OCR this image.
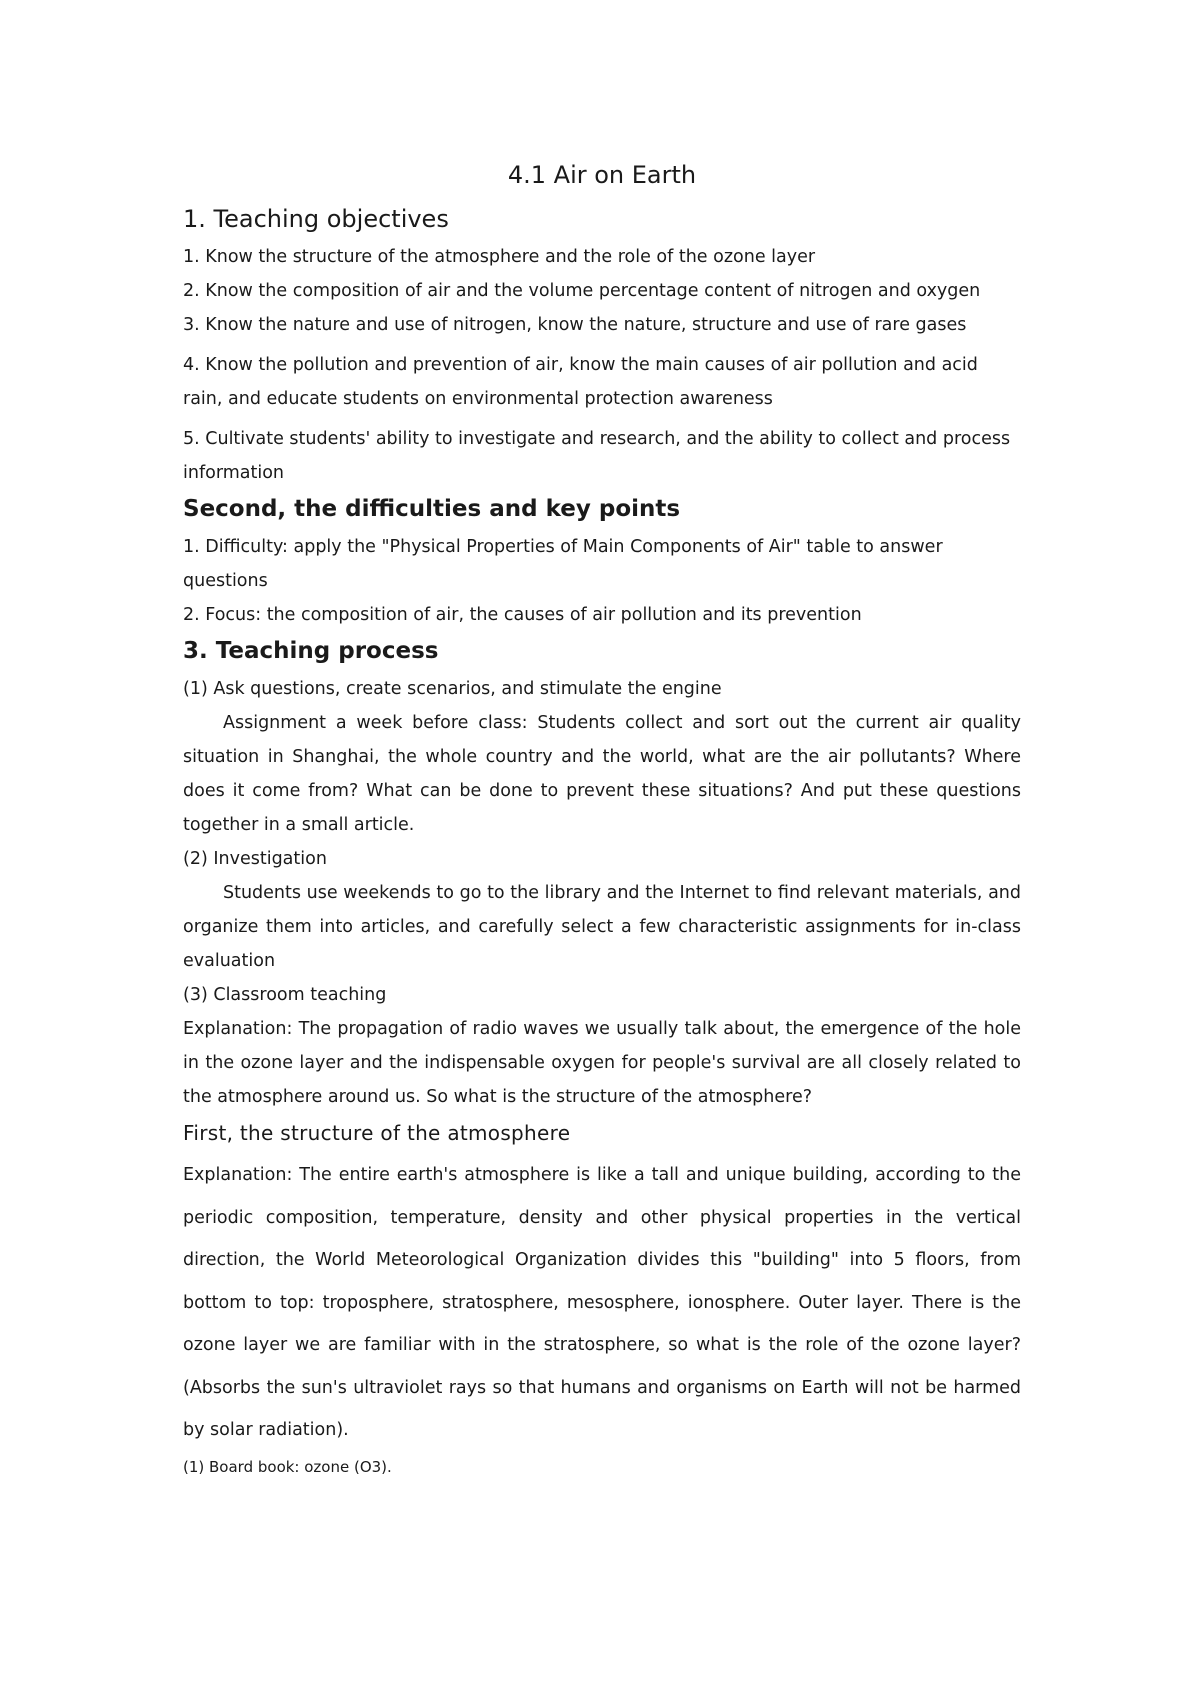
4.1 Air on Earth
1. Teaching objectives

1. Know the structure of the atmosphere and the role of the ozone layer

2. Know the composition of air and the volume percentage content of nitrogen and oxygen

3. Know the nature and use of nitrogen, know the nature, structure and use of rare gases

4. Know the pollution and prevention of air, know the main causes of air pollution and acid rain, and educate students on environmental protection awareness

5. Cultivate students' ability to investigate and research, and the ability to collect and process information

Second, the difficulties and key points

1. Difficulty: apply the "Physical Properties of Main Components of Air" table to answer questions

2. Focus: the composition of air, the causes of air pollution and its prevention

3. Teaching process

(1) Ask questions, create scenarios, and stimulate the engine

Assignment a week before class: Students collect and sort out the current air quality situation in Shanghai, the whole country and the world, what are the air pollutants? Where does it come from? What can be done to prevent these situations? And put these questions together in a small article.

(2) Investigation

Students use weekends to go to the library and the Internet to find relevant materials, and organize them into articles, and carefully select a few characteristic assignments for in-class evaluation

(3) Classroom teaching

Explanation: The propagation of radio waves we usually talk about, the emergence of the hole in the ozone layer and the indispensable oxygen for people's survival are all closely related to the atmosphere around us. So what is the structure of the atmosphere?

First, the structure of the atmosphere

Explanation: The entire earth's atmosphere is like a tall and unique building, according to the periodic composition, temperature, density and other physical properties in the vertical direction, the World Meteorological Organization divides this "building" into 5 floors, from bottom to top: troposphere, stratosphere, mesosphere, ionosphere. Outer layer. There is the ozone layer we are familiar with in the stratosphere, so what is the role of the ozone layer? (Absorbs the sun's ultraviolet rays so that humans and organisms on Earth will not be harmed by solar radiation).

(1) Board book: ozone (O3).
